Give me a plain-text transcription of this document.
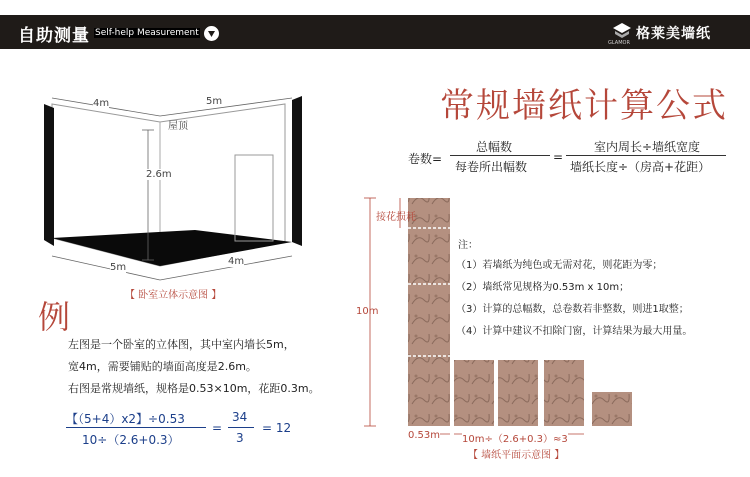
自助测量 Self-help Measurement
GLAMOR
格莱美墙纸
4m	5m
屋顶
2.6m
5m
4m
【 卧室立体示意图 】
例
左图是一个卧室的立体图，其中室内墙长5m，
宽4m，需要铺贴的墙面高度是2.6m。
右图是常规墙纸，规格是0.53×10m，花距0.3m。
【（5+4）x2】÷0.53
10÷（2.6+0.3）
=
34
3
= 12
常规墙纸计算公式
卷数=
总幅数
每卷所出幅数
=
室内周长÷墙纸宽度
墙纸长度÷（房高+花距）
接花损耗
10m
0.53m 10m÷（2.6+0.3）≈3
【 墙纸平面示意图 】
注：
（1）若墙纸为纯色或无需对花，则花距为零；
（2）墙纸常见规格为0.53m x 10m；
（3）计算的总幅数，总卷数若非整数，则进1取整；
（4）计算中建议不扣除门窗，计算结果为最大用量。
